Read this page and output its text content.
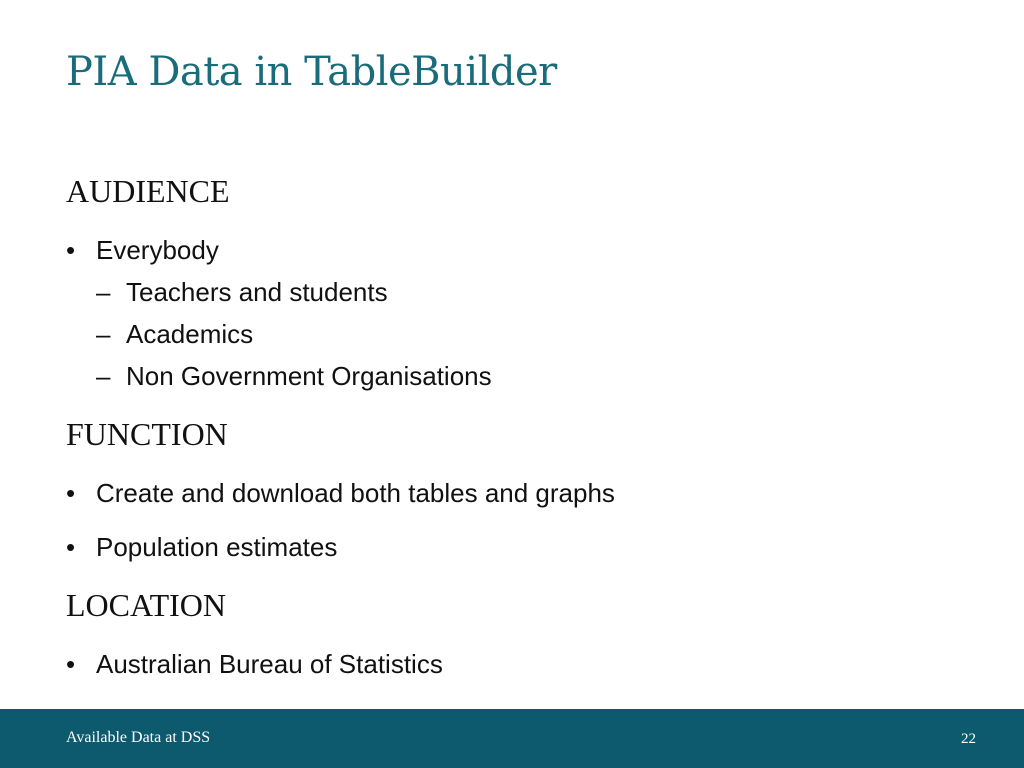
PIA Data in TableBuilder
AUDIENCE
• Everybody
– Teachers and students
– Academics
– Non Government Organisations
FUNCTION
• Create and download both tables and graphs
• Population estimates
LOCATION
• Australian Bureau of Statistics
Available Data at DSS	22
